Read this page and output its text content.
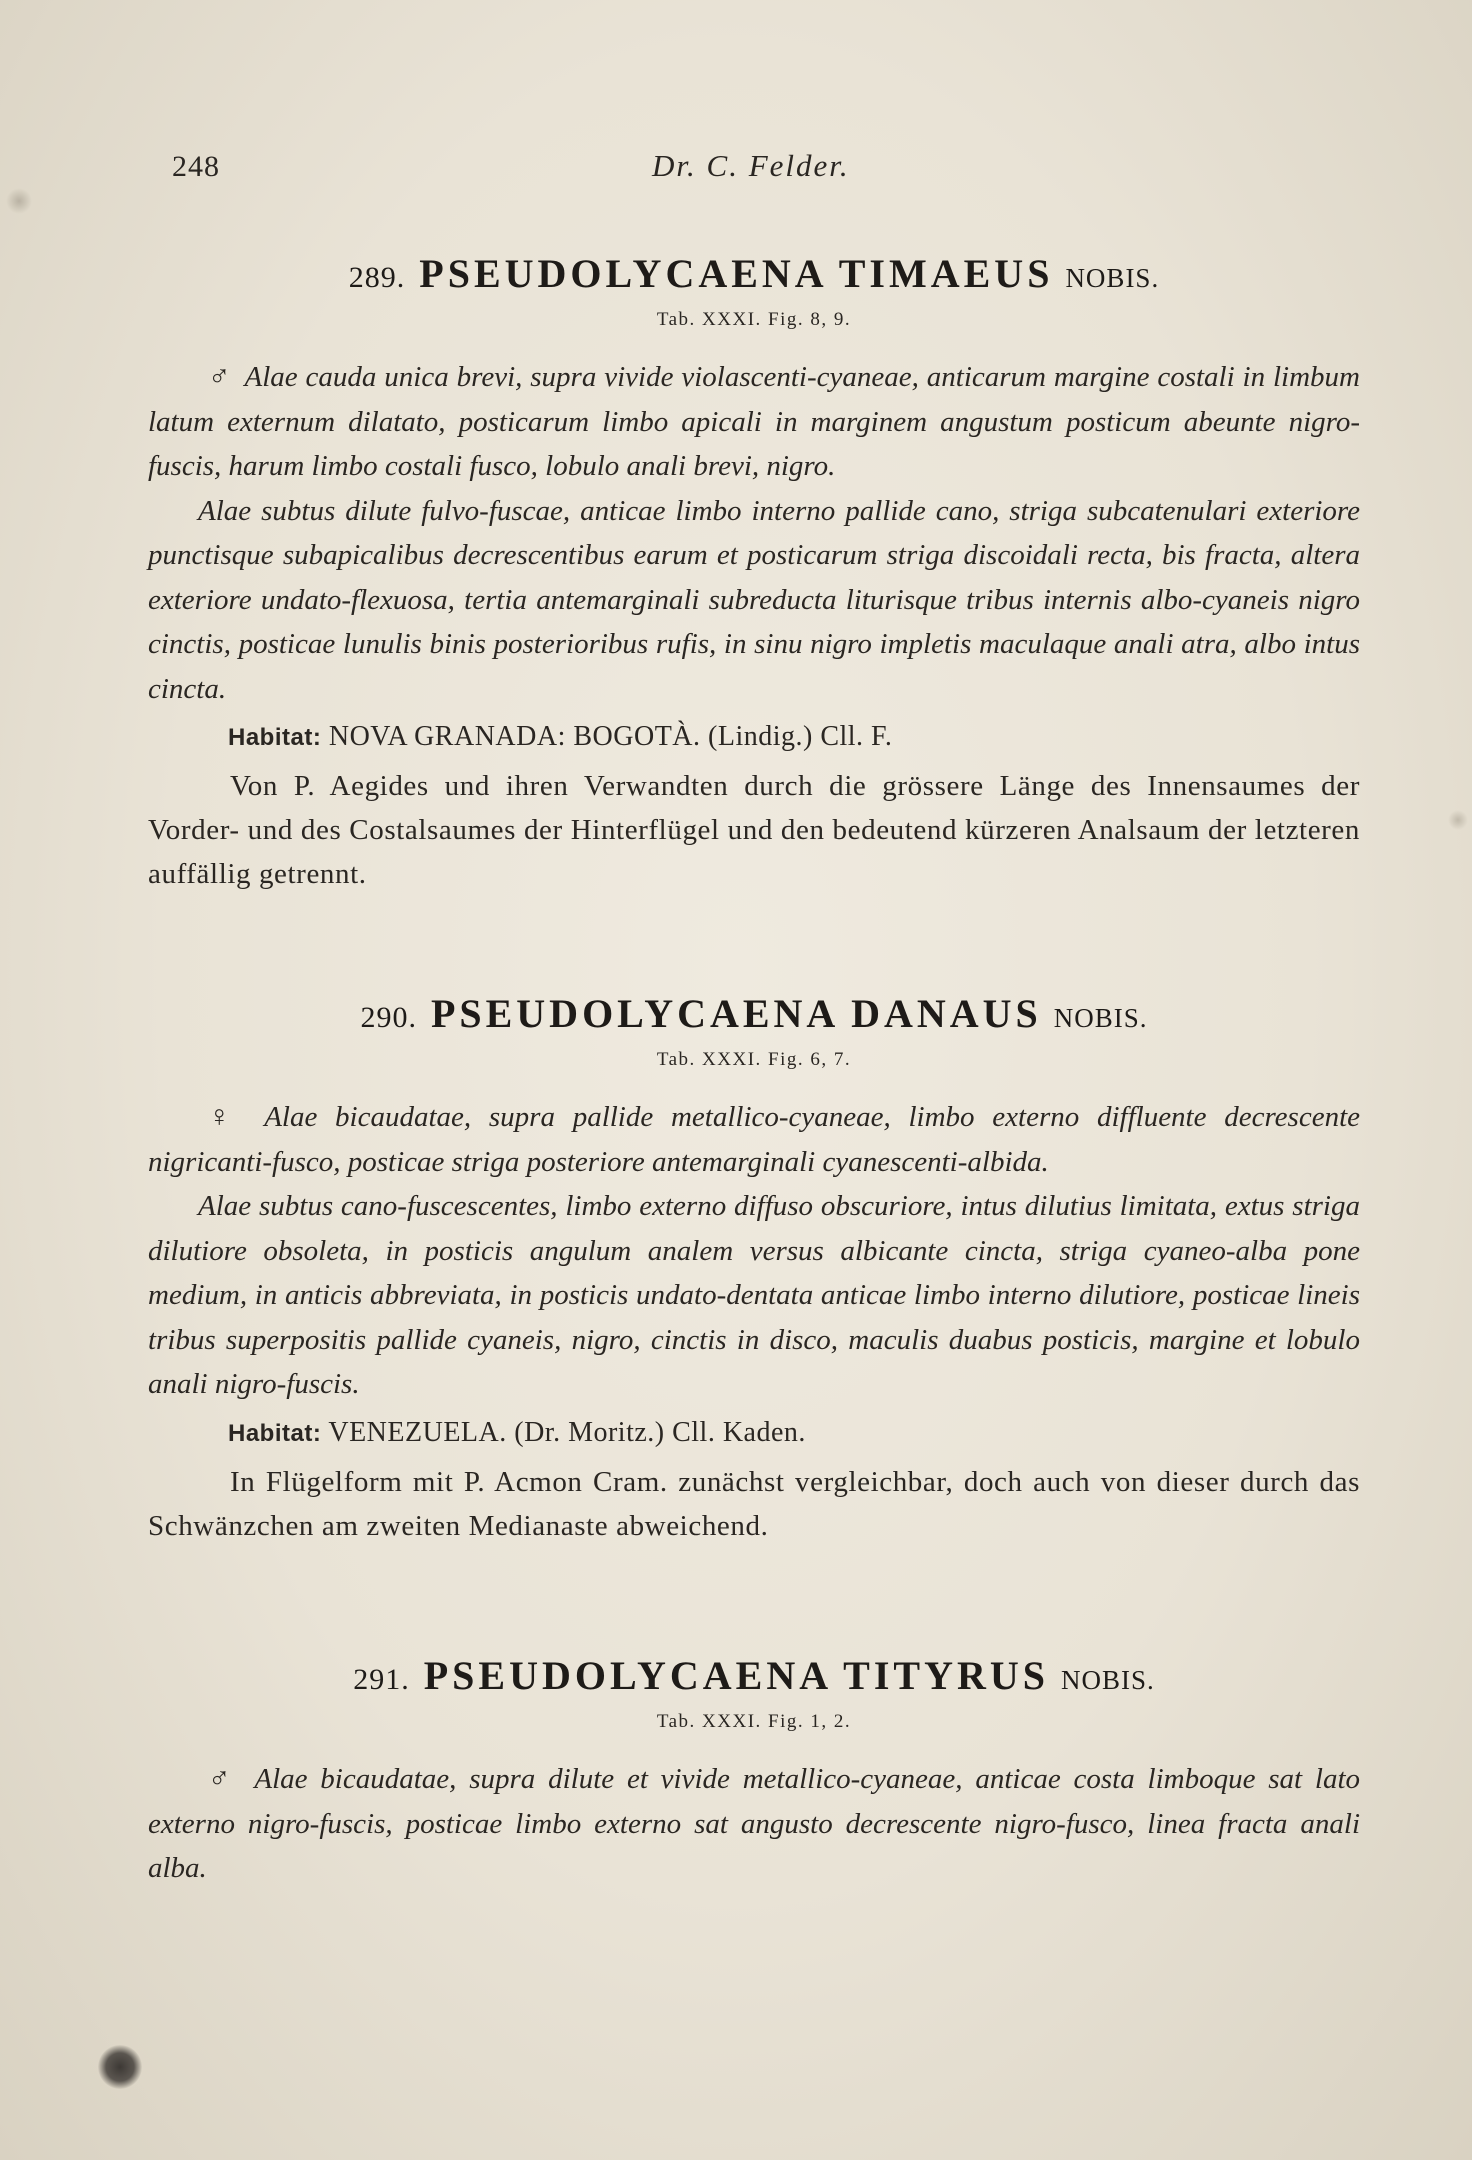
248	Dr. C. Felder.
289. PSEUDOLYCAENA TIMAEUS NOBIS.
Tab. XXXI. Fig. 8, 9.

♂ Alae cauda unica brevi, supra vivide violascenti-cyaneae, anticarum margine costali in limbum latum externum dilatato, posticarum limbo apicali in marginem angustum posticum abeunte nigro-fuscis, harum limbo costali fusco, lobulo anali brevi, nigro.

Alae subtus dilute fulvo-fuscae, anticae limbo interno pallide cano, striga subcatenulari exteriore punctisque subapicalibus decrescentibus earum et posticarum striga discoidali recta, bis fracta, altera exteriore undato-flexuosa, tertia antemarginali subreducta liturisque tribus internis albo-cyaneis nigro cinctis, posticae lunulis binis posterioribus rufis, in sinu nigro impletis maculaque anali atra, albo intus cincta.

Habitat: NOVA GRANADA: BOGOTÀ. (Lindig.) Cll. F.

Von P. Aegides und ihren Verwandten durch die grössere Länge des Innensaumes der Vorder- und des Costalsaumes der Hinterflügel und den bedeutend kürzeren Analsaum der letzteren auffällig getrennt.

290. PSEUDOLYCAENA DANAUS NOBIS.
Tab. XXXI. Fig. 6, 7.

♀ Alae bicaudatae, supra pallide metallico-cyaneae, limbo externo diffluente decrescente nigricanti-fusco, posticae striga posteriore antemarginali cyanescenti-albida.

Alae subtus cano-fuscescentes, limbo externo diffuso obscuriore, intus dilutius limitata, extus striga dilutiore obsoleta, in posticis angulum analem versus albicante cincta, striga cyaneo-alba pone medium, in anticis abbreviata, in posticis undato-dentata anticae limbo interno dilutiore, posticae lineis tribus superpositis pallide cyaneis, nigro, cinctis in disco, maculis duabus posticis, margine et lobulo anali nigro-fuscis.

Habitat: VENEZUELA. (Dr. Moritz.) Cll. Kaden.

In Flügelform mit P. Acmon Cram. zunächst vergleichbar, doch auch von dieser durch das Schwänzchen am zweiten Medianaste abweichend.

291. PSEUDOLYCAENA TITYRUS NOBIS.
Tab. XXXI. Fig. 1, 2.

♂ Alae bicaudatae, supra dilute et vivide metallico-cyaneae, anticae costa limboque sat lato externo nigro-fuscis, posticae limbo externo sat angusto decrescente nigro-fusco, linea fracta anali alba.
